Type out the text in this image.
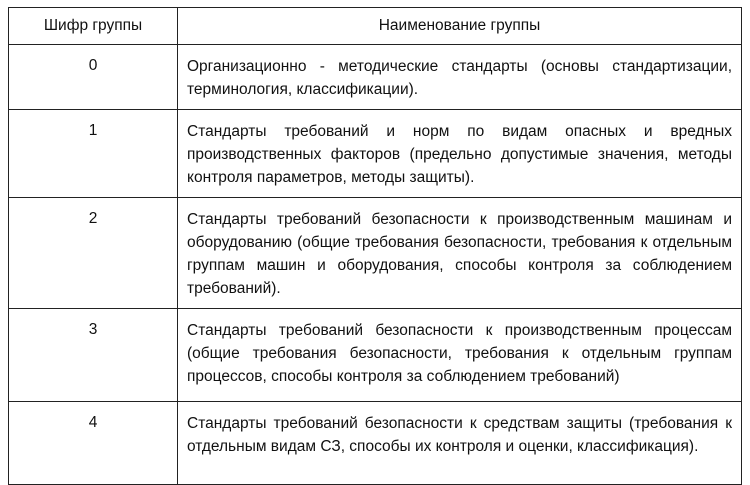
Шифр группы	Наименование группы
0	Организационно - методические стандарты (основы стандартизации, терминология, классификации).
1	Стандарты требований и норм по видам опасных и вредных производственных факторов (предельно допустимые значения, методы контроля параметров, методы защиты).
2	Стандарты требований безопасности к производственным машинам и оборудованию (общие требования безопасности, требования к отдельным группам машин и оборудования, способы контроля за соблюдением требований).
3	Стандарты требований безопасности к производственным процессам (общие требования безопасности, требования к отдельным группам процессов, способы контроля за соблюдением требований)
4	Стандарты требований безопасности к средствам защиты (требования к отдельным видам СЗ, способы их контроля и оценки, классификация).
